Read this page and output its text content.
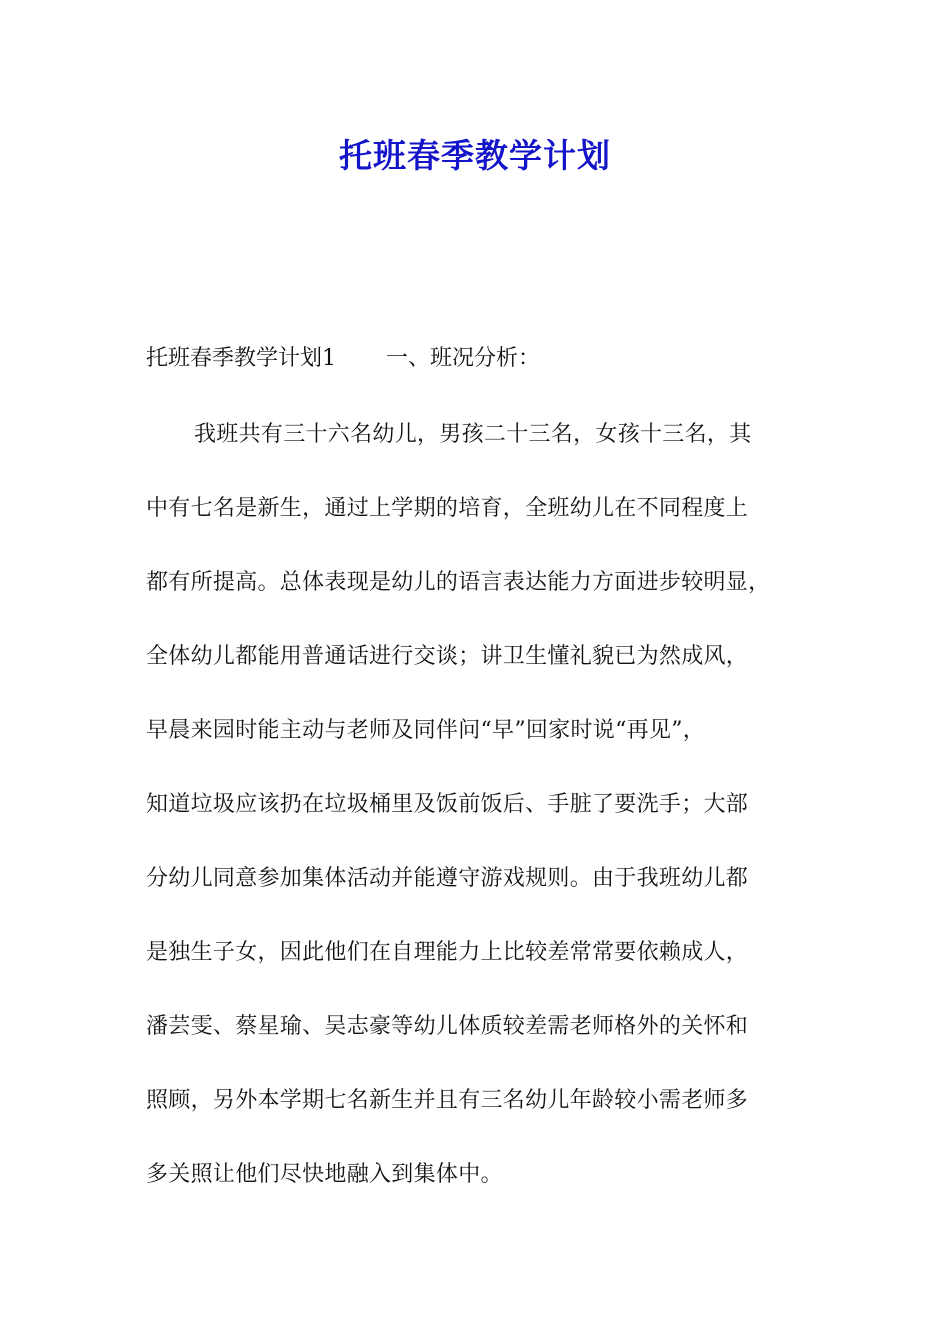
托班春季教学计划
托班春季教学计划1 一、班况分析：
我班共有三十六名幼儿，男孩二十三名，女孩十三名，其
中有七名是新生，通过上学期的培育，全班幼儿在不同程度上
都有所提高。总体表现是幼儿的语言表达能力方面进步较明显，
全体幼儿都能用普通话进行交谈；讲卫生懂礼貌已为然成风，
早晨来园时能主动与老师及同伴问“早”回家时说“再见”，
知道垃圾应该扔在垃圾桶里及饭前饭后、手脏了要洗手；大部
分幼儿同意参加集体活动并能遵守游戏规则。由于我班幼儿都
是独生子女，因此他们在自理能力上比较差常常要依赖成人，
潘芸雯、蔡星瑜、吴志豪等幼儿体质较差需老师格外的关怀和
照顾，另外本学期七名新生并且有三名幼儿年龄较小需老师多
多关照让他们尽快地融入到集体中。
